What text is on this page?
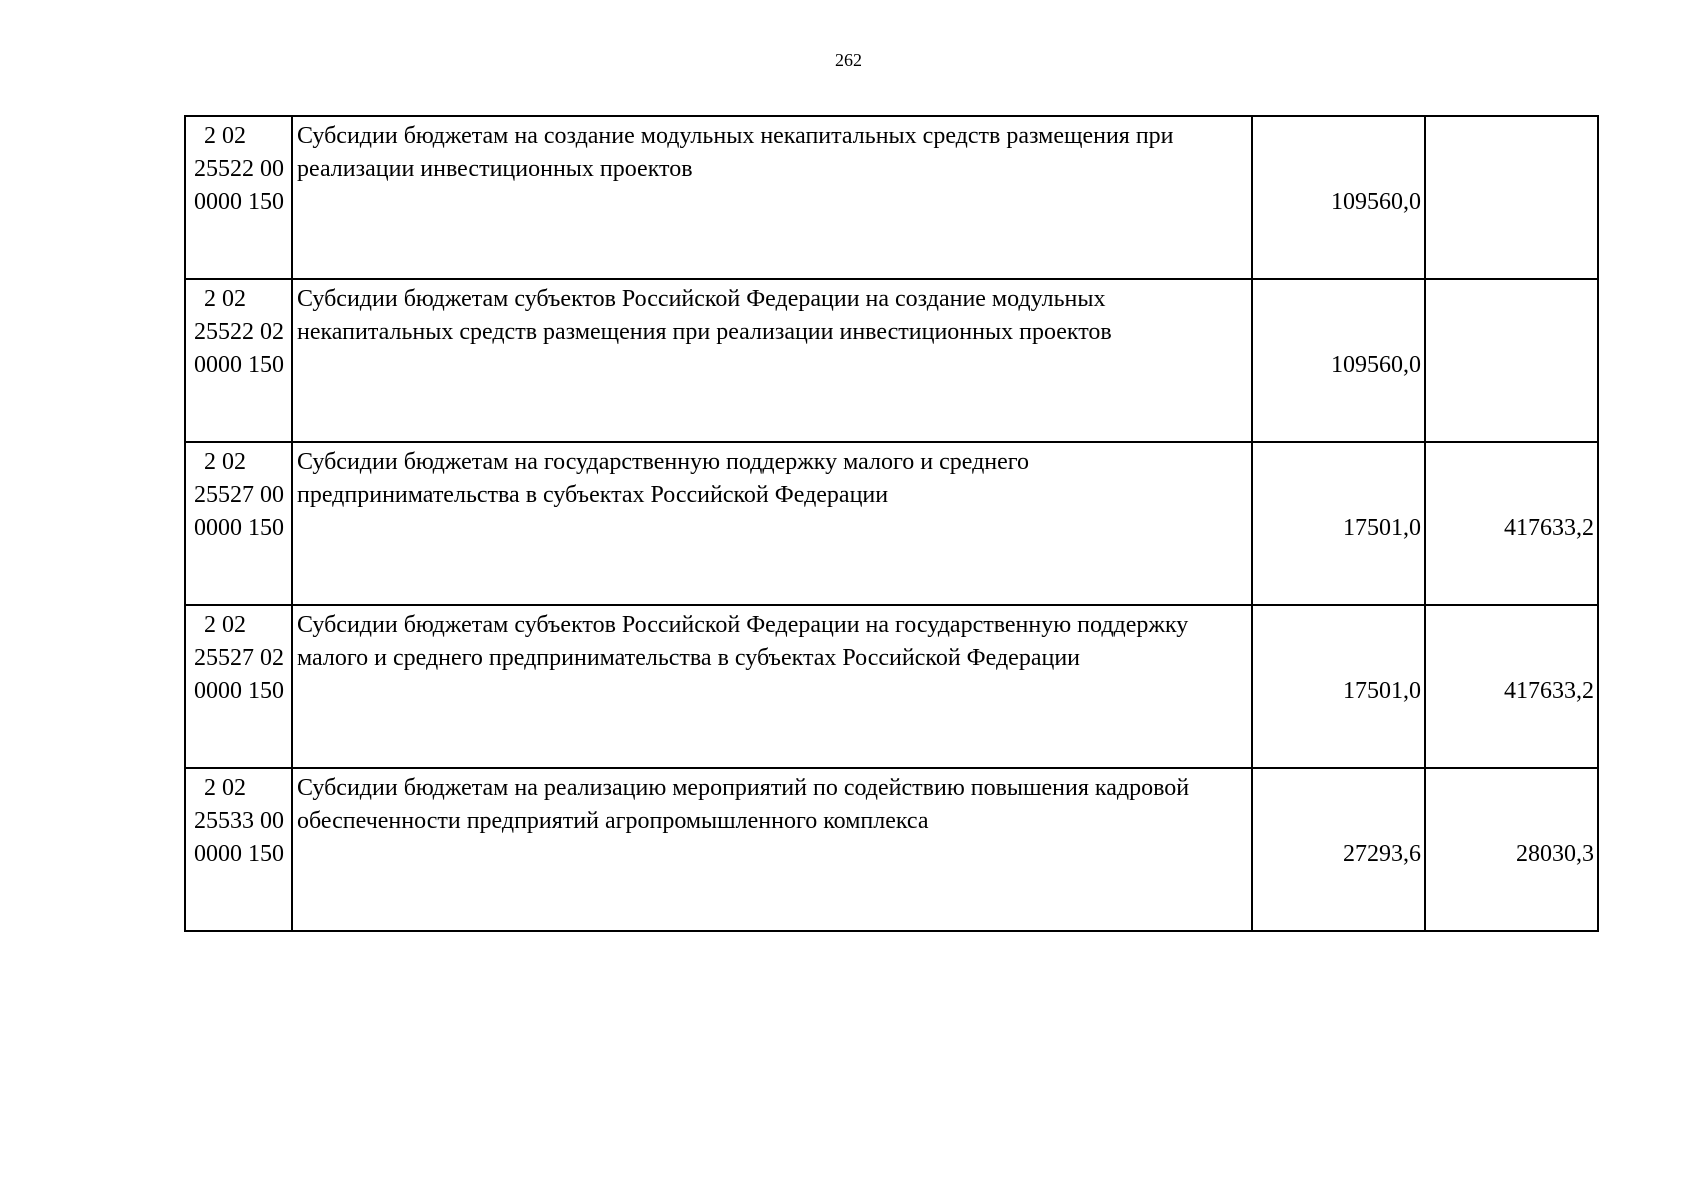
262
2 02
25522 00
0000 150	Субсидии бюджетам на создание модульных некапитальных средств размещения при реализации инвестиционных проектов	109560,0	

2 02
25522 02
0000 150	Субсидии бюджетам субъектов Российской Федерации на создание модульных некапитальных средств размещения при реализации инвестиционных проектов	109560,0	

2 02
25527 00
0000 150	Субсидии бюджетам на государственную поддержку малого и среднего предпринимательства в субъектах Российской Федерации	17501,0	417633,2

2 02
25527 02
0000 150	Субсидии бюджетам субъектов Российской Федерации на государственную поддержку малого и среднего предпринимательства в субъектах Российской Федерации	17501,0	417633,2

2 02
25533 00
0000 150	Субсидии бюджетам на реализацию мероприятий по содействию повышения кадровой обеспеченности предприятий агропромышленного комплекса	27293,6	28030,3
